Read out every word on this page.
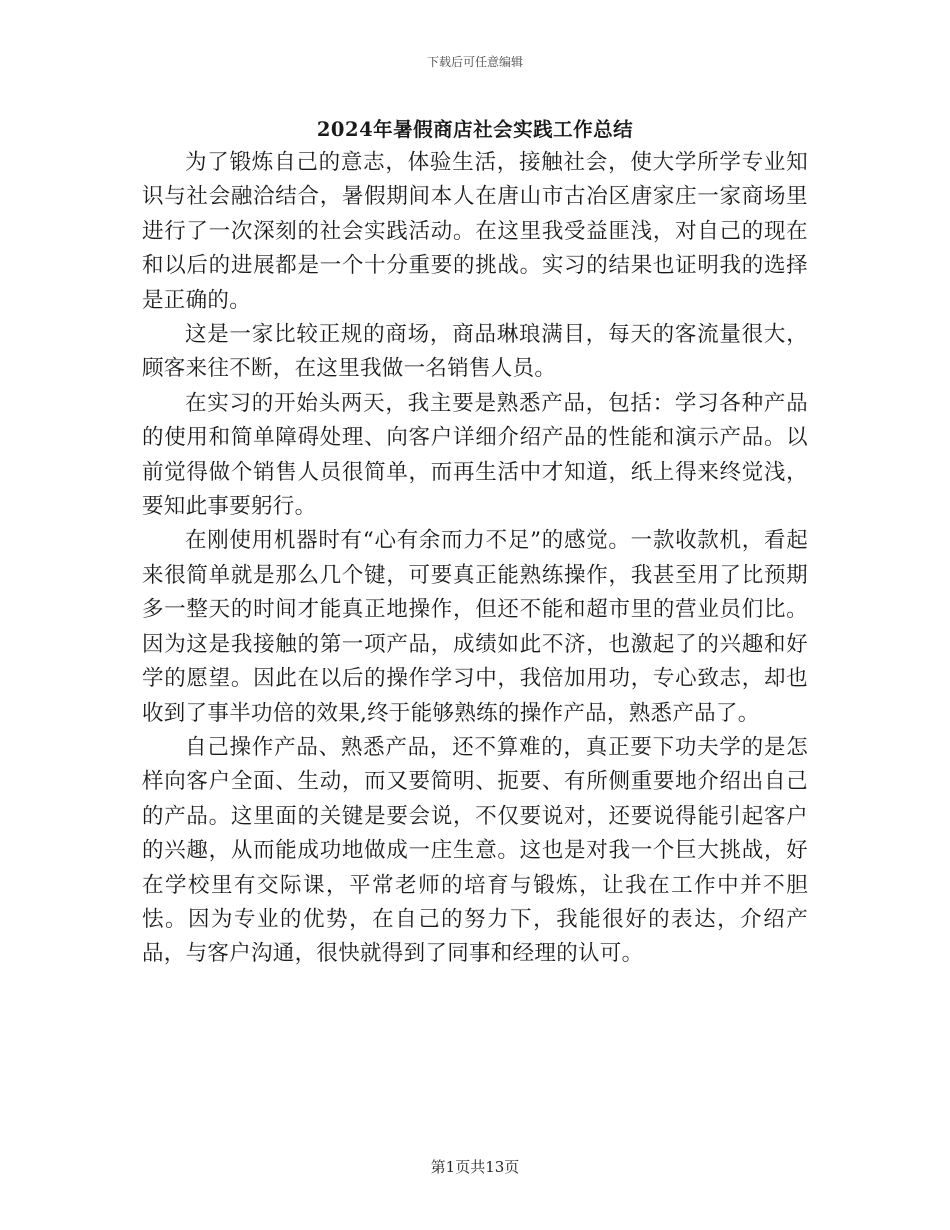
下载后可任意编辑
2024年暑假商店社会实践工作总结

为了锻炼自己的意志，体验生活，接触社会，使大学所学专业知识与社会融洽结合，暑假期间本人在唐山市古冶区唐家庄一家商场里进行了一次深刻的社会实践活动。在这里我受益匪浅，对自己的现在和以后的进展都是一个十分重要的挑战。实习的结果也证明我的选择是正确的。

这是一家比较正规的商场，商品琳琅满目，每天的客流量很大，顾客来往不断，在这里我做一名销售人员。

在实习的开始头两天，我主要是熟悉产品，包括：学习各种产品的使用和简单障碍处理、向客户详细介绍产品的性能和演示产品。以前觉得做个销售人员很简单，而再生活中才知道，纸上得来终觉浅，要知此事要躬行。

在刚使用机器时有“心有余而力不足”的感觉。一款收款机，看起来很简单就是那么几个键，可要真正能熟练操作，我甚至用了比预期多一整天的时间才能真正地操作，但还不能和超市里的营业员们比。因为这是我接触的第一项产品，成绩如此不济，也激起了的兴趣和好学的愿望。因此在以后的操作学习中，我倍加用功，专心致志，却也收到了事半功倍的效果,终于能够熟练的操作产品，熟悉产品了。

自己操作产品、熟悉产品，还不算难的，真正要下功夫学的是怎样向客户全面、生动，而又要简明、扼要、有所侧重要地介绍出自己的产品。这里面的关键是要会说，不仅要说对，还要说得能引起客户的兴趣，从而能成功地做成一庄生意。这也是对我一个巨大挑战，好在学校里有交际课，平常老师的培育与锻炼，让我在工作中并不胆怯。因为专业的优势，在自己的努力下，我能很好的表达，介绍产品，与客户沟通，很快就得到了同事和经理的认可。

第1页共13页
